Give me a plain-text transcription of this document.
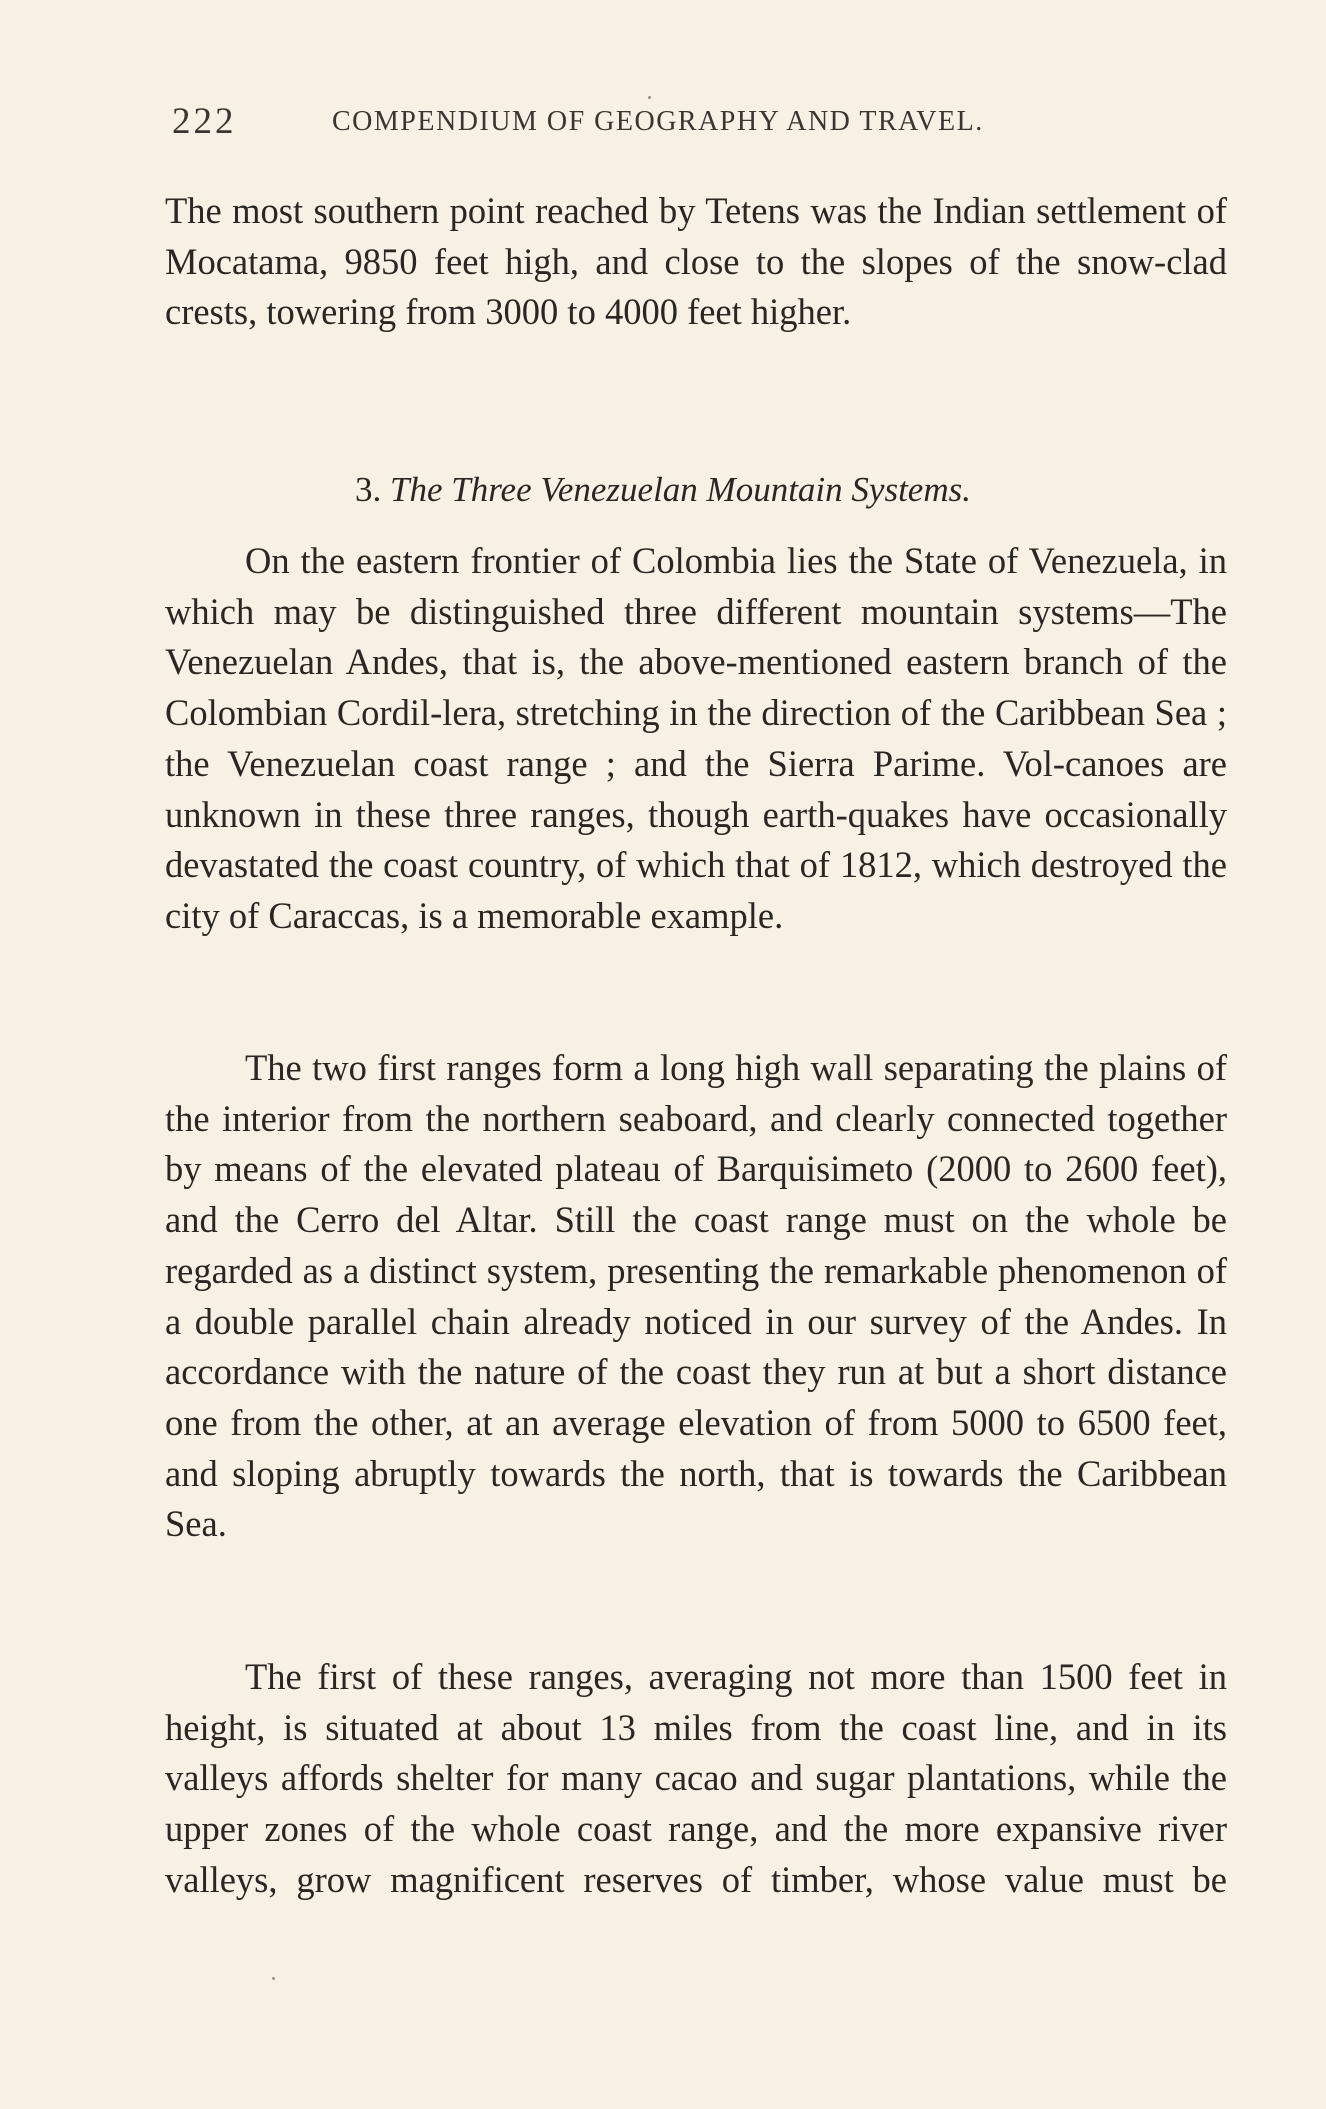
222	COMPENDIUM OF GEOGRAPHY AND TRAVEL.

The most southern point reached by Tetens was the Indian settlement of Mocatama, 9850 feet high, and close to the slopes of the snow-clad crests, towering from 3000 to 4000 feet higher.

3. The Three Venezuelan Mountain Systems.

On the eastern frontier of Colombia lies the State of Venezuela, in which may be distinguished three different mountain systems—The Venezuelan Andes, that is, the above-mentioned eastern branch of the Colombian Cordil-lera, stretching in the direction of the Caribbean Sea ; the Venezuelan coast range ; and the Sierra Parime. Vol-canoes are unknown in these three ranges, though earth-quakes have occasionally devastated the coast country, of which that of 1812, which destroyed the city of Caraccas, is a memorable example.

The two first ranges form a long high wall separating the plains of the interior from the northern seaboard, and clearly connected together by means of the elevated plateau of Barquisimeto (2000 to 2600 feet), and the Cerro del Altar. Still the coast range must on the whole be regarded as a distinct system, presenting the remarkable phenomenon of a double parallel chain already noticed in our survey of the Andes. In accordance with the nature of the coast they run at but a short distance one from the other, at an average elevation of from 5000 to 6500 feet, and sloping abruptly towards the north, that is towards the Caribbean Sea.

The first of these ranges, averaging not more than 1500 feet in height, is situated at about 13 miles from the coast line, and in its valleys affords shelter for many cacao and sugar plantations, while the upper zones of the whole coast range, and the more expansive river valleys, grow magnificent reserves of timber, whose value must be
